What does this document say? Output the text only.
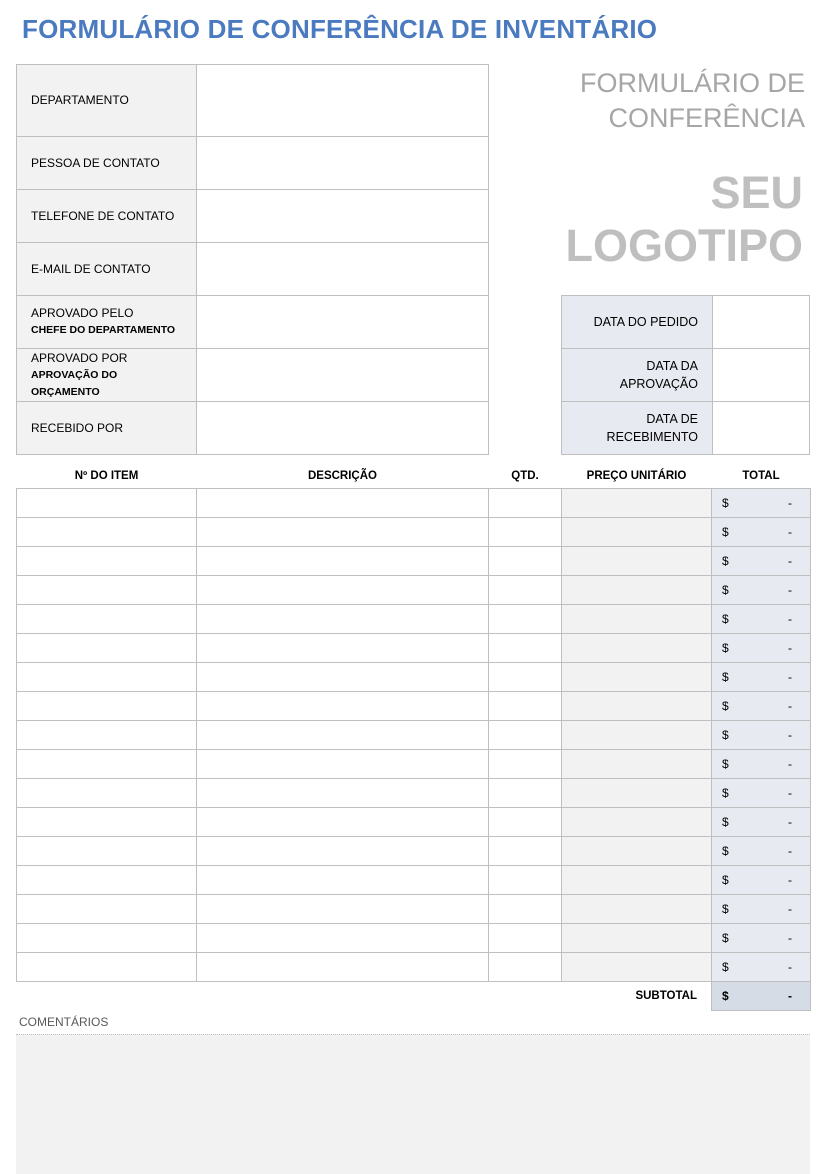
FORMULÁRIO DE CONFERÊNCIA DE INVENTÁRIO
DEPARTAMENTO	
PESSOA DE CONTATO	
TELEFONE DE CONTATO	
E-MAIL DE CONTATO	
APROVADO PELO
CHEFE DO DEPARTAMENTO	

APROVADO POR
APROVAÇÃO DO ORÇAMENTO	

RECEBIDO POR	
FORMULÁRIO DE
CONFERÊNCIA
SEU
LOGOTIPO
DATA DO PEDIDO	

DATA DA
APROVAÇÃO	

DATA DE
RECEBIMENTO	

Nº DO ITEM	DESCRIÇÃO	QTD.	PREÇO UNITÁRIO	TOTAL

				$ -

				$ -

				$ -

				$ -

				$ -

				$ -

				$ -

				$ -

				$ -

				$ -

				$ -

				$ -

				$ -

				$ -

				$ -

				$ -

				$ -

			SUBTOTAL	$ -
COMENTÁRIOS
